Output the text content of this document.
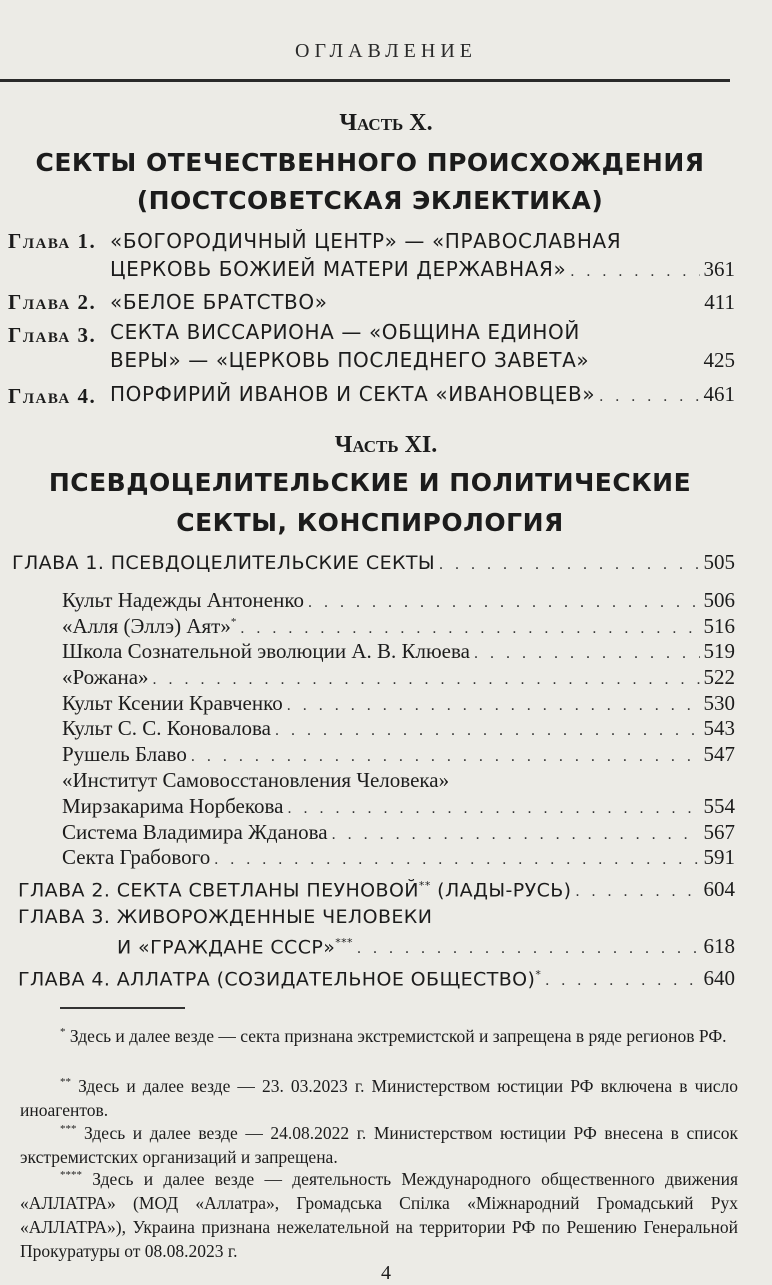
ОГЛАВЛЕНИЕ
Часть X.
СЕКТЫ ОТЕЧЕСТВЕННОГО ПРОИСХОЖДЕНИЯ
(ПОСТСОВЕТСКАЯ ЭКЛЕКТИКА)
Глава 1. «БОГОРОДИЧНЫЙ ЦЕНТР» — «ПРАВОСЛАВНАЯ
ЦЕРКОВЬ БОЖИЕЙ МАТЕРИ ДЕРЖАВНАЯ» . . .	361
Глава 2. «БЕЛОЕ БРАТСТВО»	411
Глава 3. СЕКТА ВИССАРИОНА — «ОБЩИНА ЕДИНОЙ
ВЕРЫ» — «ЦЕРКОВЬ ПОСЛЕДНЕГО ЗАВЕТА»	425
Глава 4. ПОРФИРИЙ ИВАНОВ И СЕКТА «ИВАНОВЦЕВ» . . .	461
Часть XI.
ПСЕВДОЦЕЛИТЕЛЬСКИЕ И ПОЛИТИЧЕСКИЕ
СЕКТЫ, КОНСПИРОЛОГИЯ
ГЛАВА 1. ПСЕВДОЦЕЛИТЕЛЬСКИЕ СЕКТЫ . . .	505
Культ Надежды Антоненко . . .	506
«Алля (Эллэ) Аят»* . . .	516
Школа Сознательной эволюции А. В. Клюева . . .	519
«Рожана» . . .	522
Культ Ксении Кравченко . . .	530
Культ С. С. Коновалова . . .	543
Рушель Блаво . . .	547
«Институт Самовосстановления Человека»
Мирзакарима Норбекова . . .	554
Система Владимира Жданова . . .	567
Секта Грабового . . .	591
ГЛАВА 2. СЕКТА СВЕТЛАНЫ ПЕУНОВОЙ** (ЛАДЫ-РУСЬ) . . .	604
ГЛАВА 3. ЖИВОРОЖДЕННЫЕ ЧЕЛОВЕКИ
И «ГРАЖДАНЕ СССР»*** . . .	618
ГЛАВА 4. АЛЛАТРА (СОЗИДАТЕЛЬНОЕ ОБЩЕСТВО)* . . .	640
* Здесь и далее везде — секта признана экстремистской и запрещена в ряде регионов РФ.
** Здесь и далее везде — 23. 03.2023 г. Министерством юстиции РФ включена в число иноагентов.
*** Здесь и далее везде — 24.08.2022 г. Министерством юстиции РФ внесена в список экстремистских организаций и запрещена.
**** Здесь и далее везде — деятельность Международного общественного движения «АЛЛАТРА» (МОД «Аллатра», Громадська Спілка «Міжнародний Громадський Рух «АЛЛАТРА»), Украина признана нежелательной на территории РФ по Решению Генеральной Прокуратуры от 08.08.2023 г.
4
